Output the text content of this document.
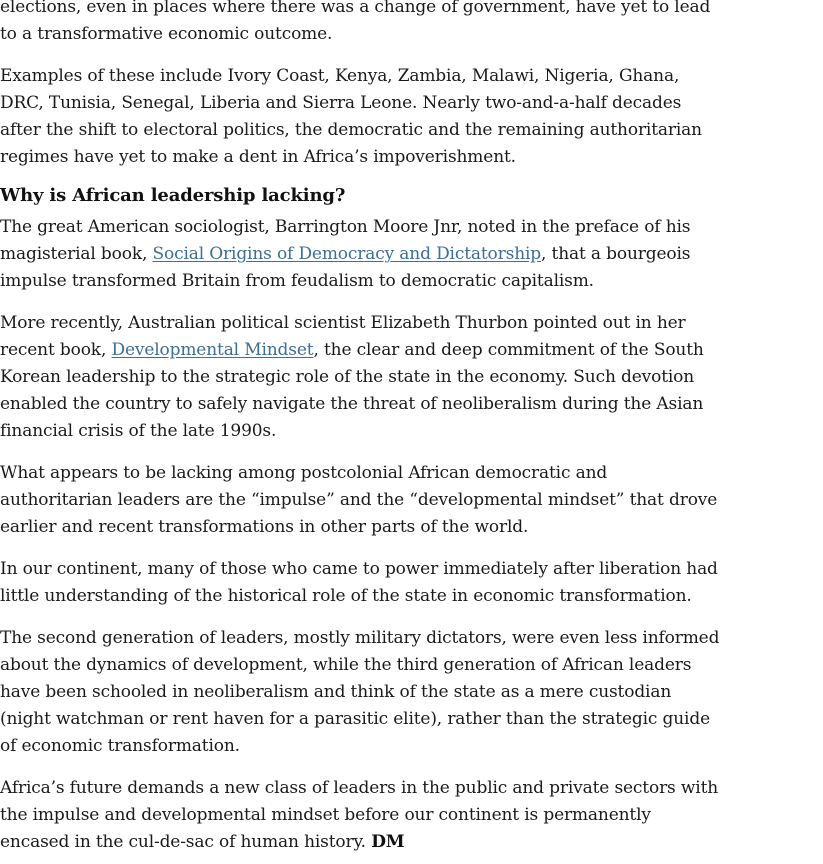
elections, even in places where there was a change of government, have yet to lead to a transformative economic outcome.

Examples of these include Ivory Coast, Kenya, Zambia, Malawi, Nigeria, Ghana, DRC, Tunisia, Senegal, Liberia and Sierra Leone. Nearly two-and-a-half decades after the shift to electoral politics, the democratic and the remaining authoritarian regimes have yet to make a dent in Africa’s impoverishment.

Why is African leadership lacking?

The great American sociologist, Barrington Moore Jnr, noted in the preface of his magisterial book, Social Origins of Democracy and Dictatorship, that a bourgeois impulse transformed Britain from feudalism to democratic capitalism.

More recently, Australian political scientist Elizabeth Thurbon pointed out in her recent book, Developmental Mindset, the clear and deep commitment of the South Korean leadership to the strategic role of the state in the economy. Such devotion enabled the country to safely navigate the threat of neoliberalism during the Asian financial crisis of the late 1990s.

What appears to be lacking among postcolonial African democratic and authoritarian leaders are the “impulse” and the “developmental mindset” that drove earlier and recent transformations in other parts of the world.

In our continent, many of those who came to power immediately after liberation had little understanding of the historical role of the state in economic transformation.

The second generation of leaders, mostly military dictators, were even less informed about the dynamics of development, while the third generation of African leaders have been schooled in neoliberalism and think of the state as a mere custodian (night watchman or rent haven for a parasitic elite), rather than the strategic guide of economic transformation.

Africa’s future demands a new class of leaders in the public and private sectors with the impulse and developmental mindset before our continent is permanently encased in the cul-de-sac of human history. DM
